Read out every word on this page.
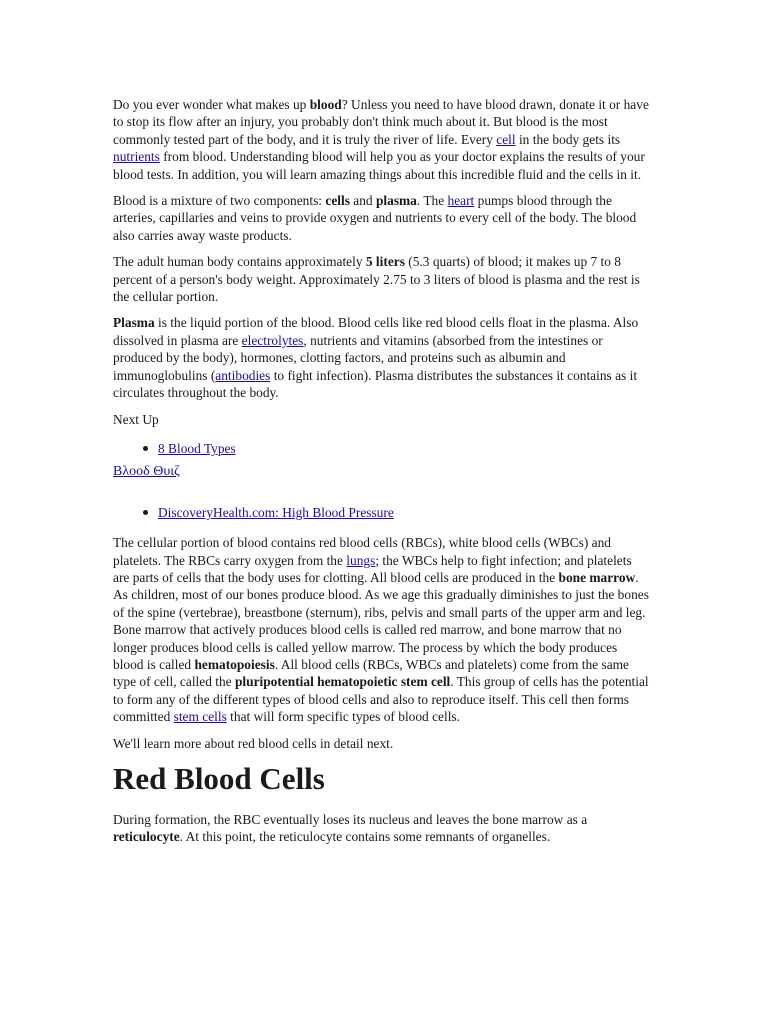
Do you ever wonder what makes up blood? Unless you need to have blood drawn, donate it or have to stop its flow after an injury, you probably don't think much about it. But blood is the most commonly tested part of the body, and it is truly the river of life. Every cell in the body gets its nutrients from blood. Understanding blood will help you as your doctor explains the results of your blood tests. In addition, you will learn amazing things about this incredible fluid and the cells in it.

Blood is a mixture of two components: cells and plasma. The heart pumps blood through the arteries, capillaries and veins to provide oxygen and nutrients to every cell of the body. The blood also carries away waste products.

The adult human body contains approximately 5 liters (5.3 quarts) of blood; it makes up 7 to 8 percent of a person's body weight. Approximately 2.75 to 3 liters of blood is plasma and the rest is the cellular portion.

Plasma is the liquid portion of the blood. Blood cells like red blood cells float in the plasma. Also dissolved in plasma are electrolytes, nutrients and vitamins (absorbed from the intestines or produced by the body), hormones, clotting factors, and proteins such as albumin and immunoglobulins (antibodies to fight infection). Plasma distributes the substances it contains as it circulates throughout the body.

Next Up

8 Blood Types
Βλοοδ Θυιζ
DiscoveryHealth.com: High Blood Pressure

The cellular portion of blood contains red blood cells (RBCs), white blood cells (WBCs) and platelets. The RBCs carry oxygen from the lungs; the WBCs help to fight infection; and platelets are parts of cells that the body uses for clotting. All blood cells are produced in the bone marrow. As children, most of our bones produce blood. As we age this gradually diminishes to just the bones of the spine (vertebrae), breastbone (sternum), ribs, pelvis and small parts of the upper arm and leg. Bone marrow that actively produces blood cells is called red marrow, and bone marrow that no longer produces blood cells is called yellow marrow. The process by which the body produces blood is called hematopoiesis. All blood cells (RBCs, WBCs and platelets) come from the same type of cell, called the pluripotential hematopoietic stem cell. This group of cells has the potential to form any of the different types of blood cells and also to reproduce itself. This cell then forms committed stem cells that will form specific types of blood cells.

We'll learn more about red blood cells in detail next.

Red Blood Cells

During formation, the RBC eventually loses its nucleus and leaves the bone marrow as a reticulocyte. At this point, the reticulocyte contains some remnants of organelles.
